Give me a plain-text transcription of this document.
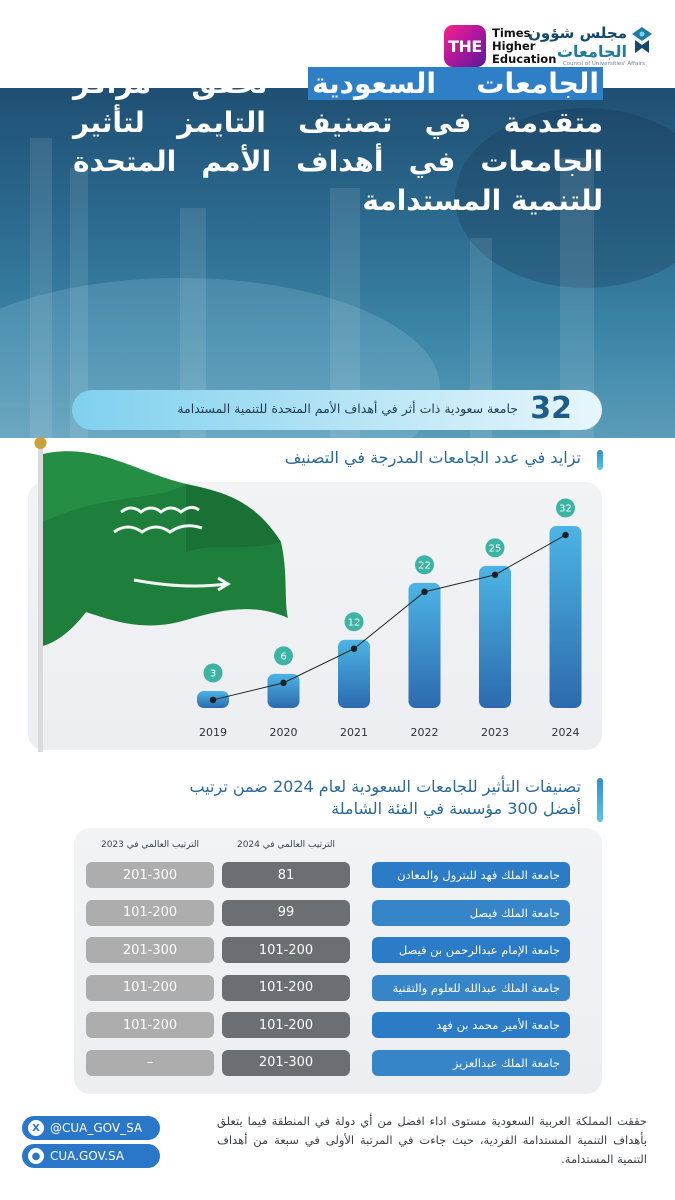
مجلس شؤون
الجامعات
Council of Universities' Affairs
THE
Times
Higher
Education
الجامعات السعودية تحقق مراكز متقدمة في تصنيف التايمز لتأثير الجامعات في أهداف الأمم المتحدة للتنمية المستدامة
32
جامعة سعودية ذات أثر في أهداف الأمم المتحدة للتنمية المستدامة
تزايد في عدد الجامعات المدرجة في التصنيف
3
2019
6
2020
12
2021
22
2022
25
2023
32
2024
تصنيفات التأثير للجامعات السعودية لعام 2024 ضمن ترتيب
أفضل 300 مؤسسة في الفئة الشاملة
الترتيب العالمي في 2024
الترتيب العالمي في 2023
201-300	81	جامعة الملك فهد للبترول والمعادن
101-200	99	جامعة الملك فيصل
201-300	101-200	جامعة الإمام عبدالرحمن بن فيصل
101-200	101-200	جامعة الملك عبدالله للعلوم والتقنية
101-200	101-200	جامعة الأمير محمد بن فهد
–	201-300	جامعة الملك عبدالعزيز
X @CUA_GOV_SA
● CUA.GOV.SA
حققت المملكة العربية السعودية مستوى اداء افضل من أي دولة في المنطقة فيما يتعلق بأهداف التنمية المستدامة الفردية، حيث جاءت في المرتبة الأولى في سبعة من أهداف التنمية المستدامة.
